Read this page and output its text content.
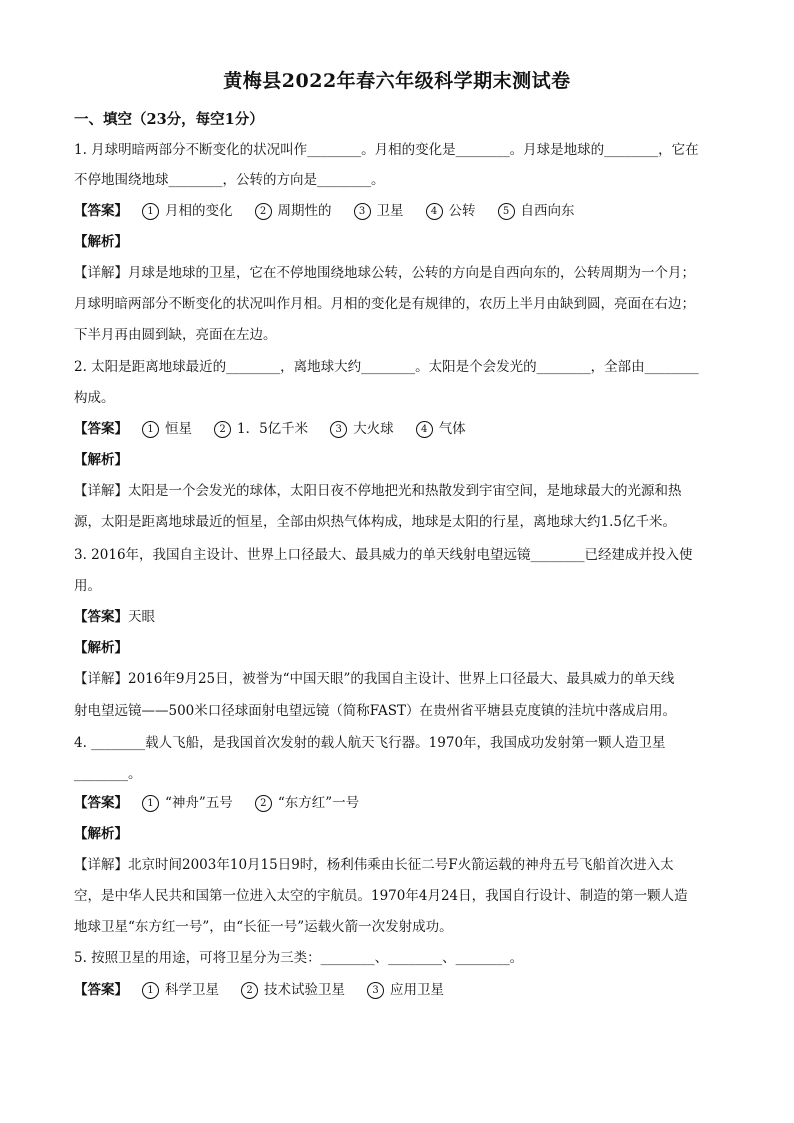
黄梅县2022年春六年级科学期末测试卷
一、填空（23分，每空1分）
1. 月球明暗两部分不断变化的状况叫作________。月相的变化是________。月球是地球的________，它在
不停地围绕地球________，公转的方向是________。
【答案】 1 月相的变化	2 周期性的	3 卫星	4 公转	5 自西向东
【解析】
【详解】月球是地球的卫星，它在不停地围绕地球公转，公转的方向是自西向东的，公转周期为一个月；
月球明暗两部分不断变化的状况叫作月相。月相的变化是有规律的，农历上半月由缺到圆，亮面在右边；
下半月再由圆到缺，亮面在左边。
2. 太阳是距离地球最近的________，离地球大约________。太阳是个会发光的________，全部由________
构成。
【答案】 1 恒星	2 1．5亿千米	3 大火球	4 气体
【解析】
【详解】太阳是一个会发光的球体，太阳日夜不停地把光和热散发到宇宙空间，是地球最大的光源和热
源，太阳是距离地球最近的恒星，全部由炽热气体构成，地球是太阳的行星，离地球大约1.5亿千米。
3. 2016年，我国自主设计、世界上口径最大、最具威力的单天线射电望远镜________已经建成并投入使
用。
【答案】天眼
【解析】
【详解】2016年9月25日，被誉为“中国天眼”的我国自主设计、世界上口径最大、最具威力的单天线
射电望远镜——500米口径球面射电望远镜（简称FAST）在贵州省平塘县克度镇的洼坑中落成启用。
4. ________载人飞船，是我国首次发射的载人航天飞行器。1970年，我国成功发射第一颗人造卫星
________。
【答案】 1 “神舟”五号	2 “东方红”一号
【解析】
【详解】北京时间2003年10月15日9时，杨利伟乘由长征二号F火箭运载的神舟五号飞船首次进入太
空，是中华人民共和国第一位进入太空的宇航员。1970年4月24日，我国自行设计、制造的第一颗人造
地球卫星“东方红一号”，由“长征一号”运载火箭一次发射成功。
5. 按照卫星的用途，可将卫星分为三类：________、________、________。
【答案】 1 科学卫星	2 技术试验卫星	3 应用卫星
